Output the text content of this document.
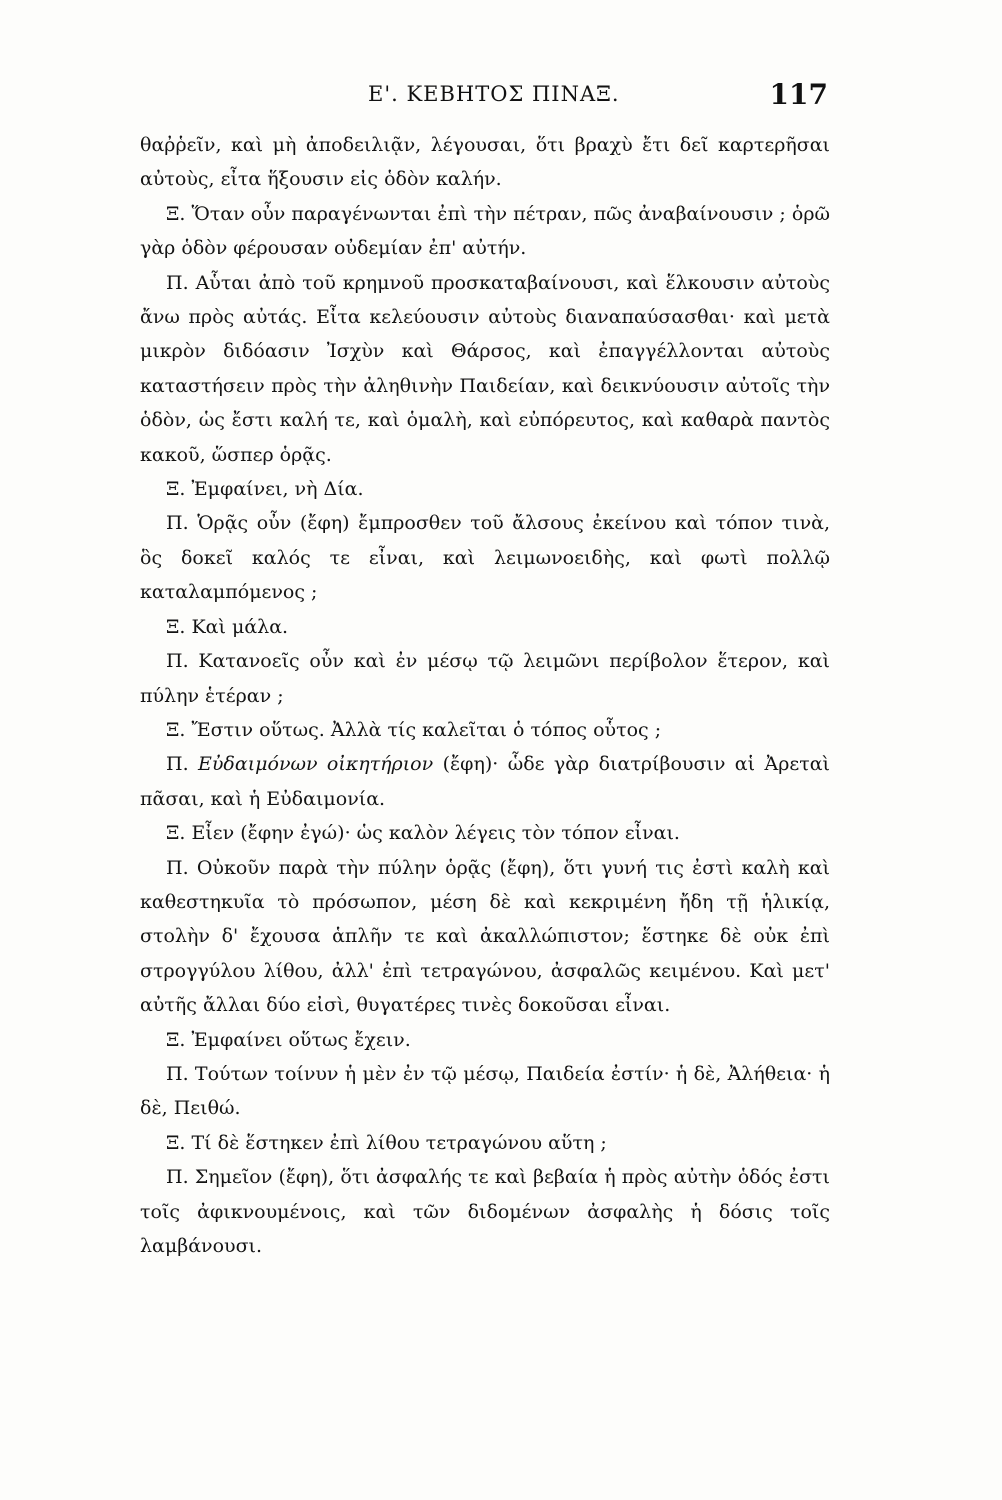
Ε'. ΚΕΒΗΤΟΣ ΠΙΝΑΞ.	117

θαῤῥεῖν, καὶ μὴ ἀποδειλιᾷν, λέγουσαι, ὅτι βραχὺ ἔτι δεῖ καρτερῆσαι αὐτοὺς, εἶτα ἥξουσιν εἰς ὁδὸν καλήν.

Ξ. Ὅταν οὖν παραγένωνται ἐπὶ τὴν πέτραν, πῶς ἀναβαίνουσιν ; ὁρῶ γὰρ ὁδὸν φέρουσαν οὐδεμίαν ἐπ' αὐτήν.

Π. Αὗται ἀπὸ τοῦ κρημνοῦ προσκαταβαίνουσι, καὶ ἕλκουσιν αὐτοὺς ἄνω πρὸς αὐτάς. Εἶτα κελεύουσιν αὐτοὺς διαναπαύσασθαι· καὶ μετὰ μικρὸν διδόασιν Ἰσχὺν καὶ Θάρσος, καὶ ἐπαγγέλλονται αὐτοὺς καταστήσειν πρὸς τὴν ἀληθινὴν Παιδείαν, καὶ δεικνύουσιν αὐτοῖς τὴν ὁδὸν, ὡς ἔστι καλή τε, καὶ ὁμαλὴ, καὶ εὐπόρευτος, καὶ καθαρὰ παντὸς κακοῦ, ὥσπερ ὁρᾷς.

Ξ. Ἐμφαίνει, νὴ Δία.

Π. Ὁρᾷς οὖν (ἔφη) ἔμπροσθεν τοῦ ἄλσους ἐκείνου καὶ τόπον τινὰ, ὃς δοκεῖ καλός τε εἶναι, καὶ λειμωνοειδὴς, καὶ φωτὶ πολλῷ καταλαμπόμενος ;

Ξ. Καὶ μάλα.

Π. Κατανοεῖς οὖν καὶ ἐν μέσῳ τῷ λειμῶνι περίβολον ἕτερον, καὶ πύλην ἑτέραν ;

Ξ. Ἔστιν οὕτως. Ἀλλὰ τίς καλεῖται ὁ τόπος οὗτος ;

Π. Εὐδαιμόνων οἰκητήριον (ἔφη)· ὧδε γὰρ διατρίβουσιν αἱ Ἀρεταὶ πᾶσαι, καὶ ἡ Εὐδαιμονία.

Ξ. Εἶεν (ἔφην ἐγώ)· ὡς καλὸν λέγεις τὸν τόπον εἶναι.

Π. Οὐκοῦν παρὰ τὴν πύλην ὁρᾷς (ἔφη), ὅτι γυνή τις ἐστὶ καλὴ καὶ καθεστηκυῖα τὸ πρόσωπον, μέση δὲ καὶ κεκριμένη ἤδη τῇ ἡλικίᾳ, στολὴν δ' ἔχουσα ἁπλῆν τε καὶ ἀκαλλώπιστον; ἕστηκε δὲ οὐκ ἐπὶ στρογγύλου λίθου, ἀλλ' ἐπὶ τετραγώνου, ἀσφαλῶς κειμένου. Καὶ μετ' αὐτῆς ἄλλαι δύο εἰσὶ, θυγατέρες τινὲς δοκοῦσαι εἶναι.

Ξ. Ἐμφαίνει οὕτως ἔχειν.

Π. Τούτων τοίνυν ἡ μὲν ἐν τῷ μέσῳ, Παιδεία ἐστίν· ἡ δὲ, Ἀλήθεια· ἡ δὲ, Πειθώ.

Ξ. Τί δὲ ἕστηκεν ἐπὶ λίθου τετραγώνου αὕτη ;

Π. Σημεῖον (ἔφη), ὅτι ἀσφαλής τε καὶ βεβαία ἡ πρὸς αὐτὴν ὁδός ἐστι τοῖς ἀφικνουμένοις, καὶ τῶν διδομένων ἀσφαλὴς ἡ δόσις τοῖς λαμβάνουσι.
